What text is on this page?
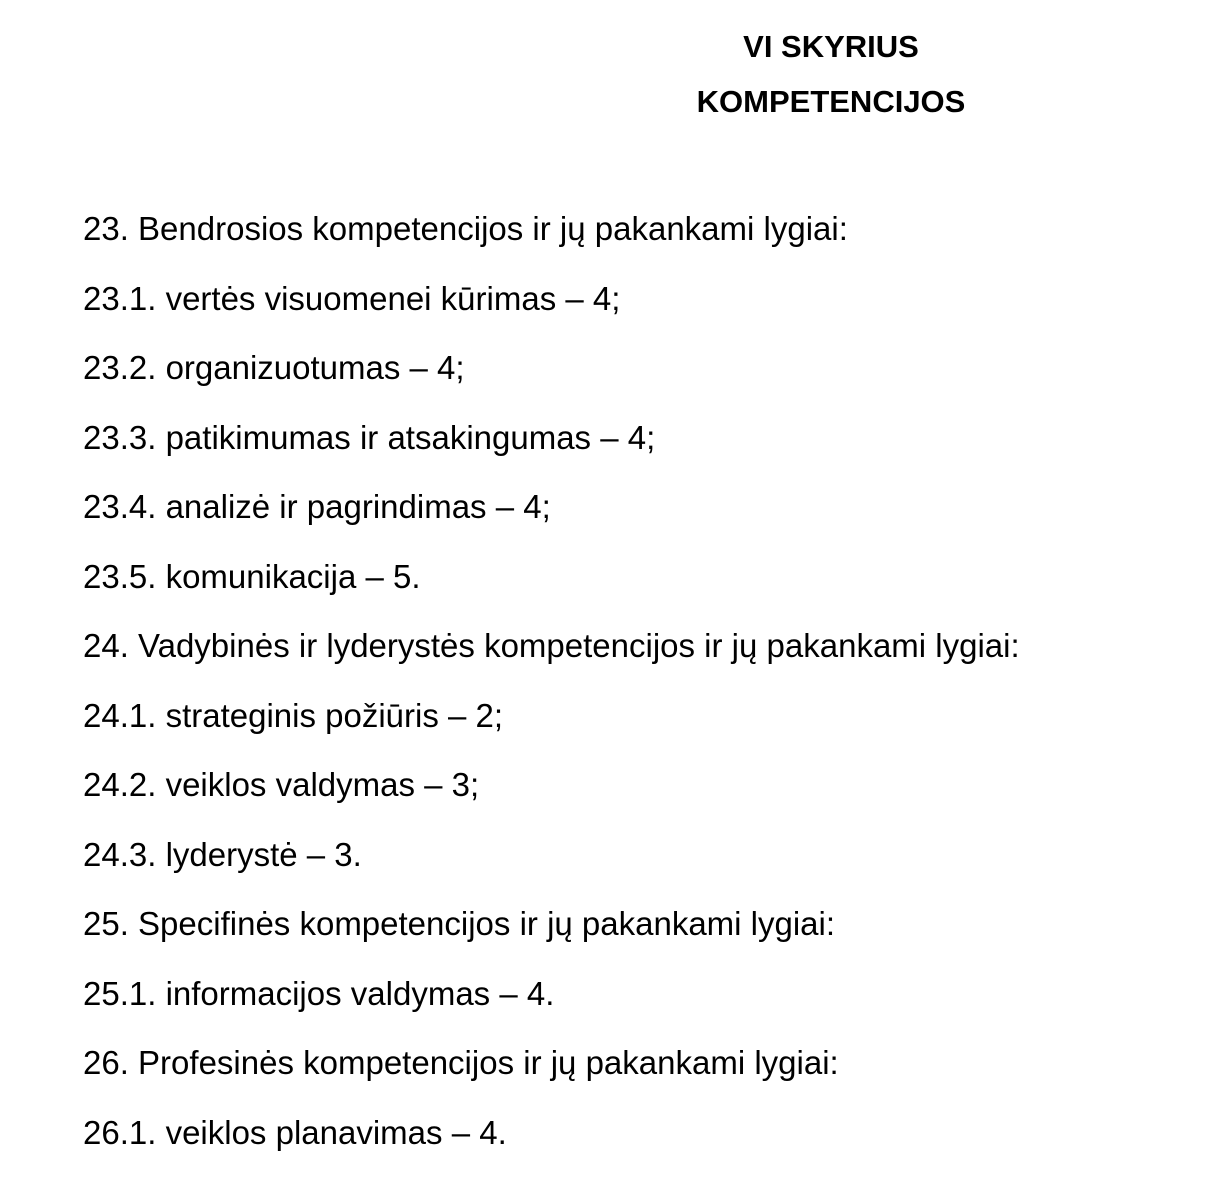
VI SKYRIUS
KOMPETENCIJOS
23. Bendrosios kompetencijos ir jų pakankami lygiai:
23.1. vertės visuomenei kūrimas – 4;
23.2. organizuotumas – 4;
23.3. patikimumas ir atsakingumas – 4;
23.4. analizė ir pagrindimas – 4;
23.5. komunikacija – 5.
24. Vadybinės ir lyderystės kompetencijos ir jų pakankami lygiai:
24.1. strateginis požiūris – 2;
24.2. veiklos valdymas – 3;
24.3. lyderystė – 3.
25. Specifinės kompetencijos ir jų pakankami lygiai:
25.1. informacijos valdymas – 4.
26. Profesinės kompetencijos ir jų pakankami lygiai:
26.1. veiklos planavimas – 4.
